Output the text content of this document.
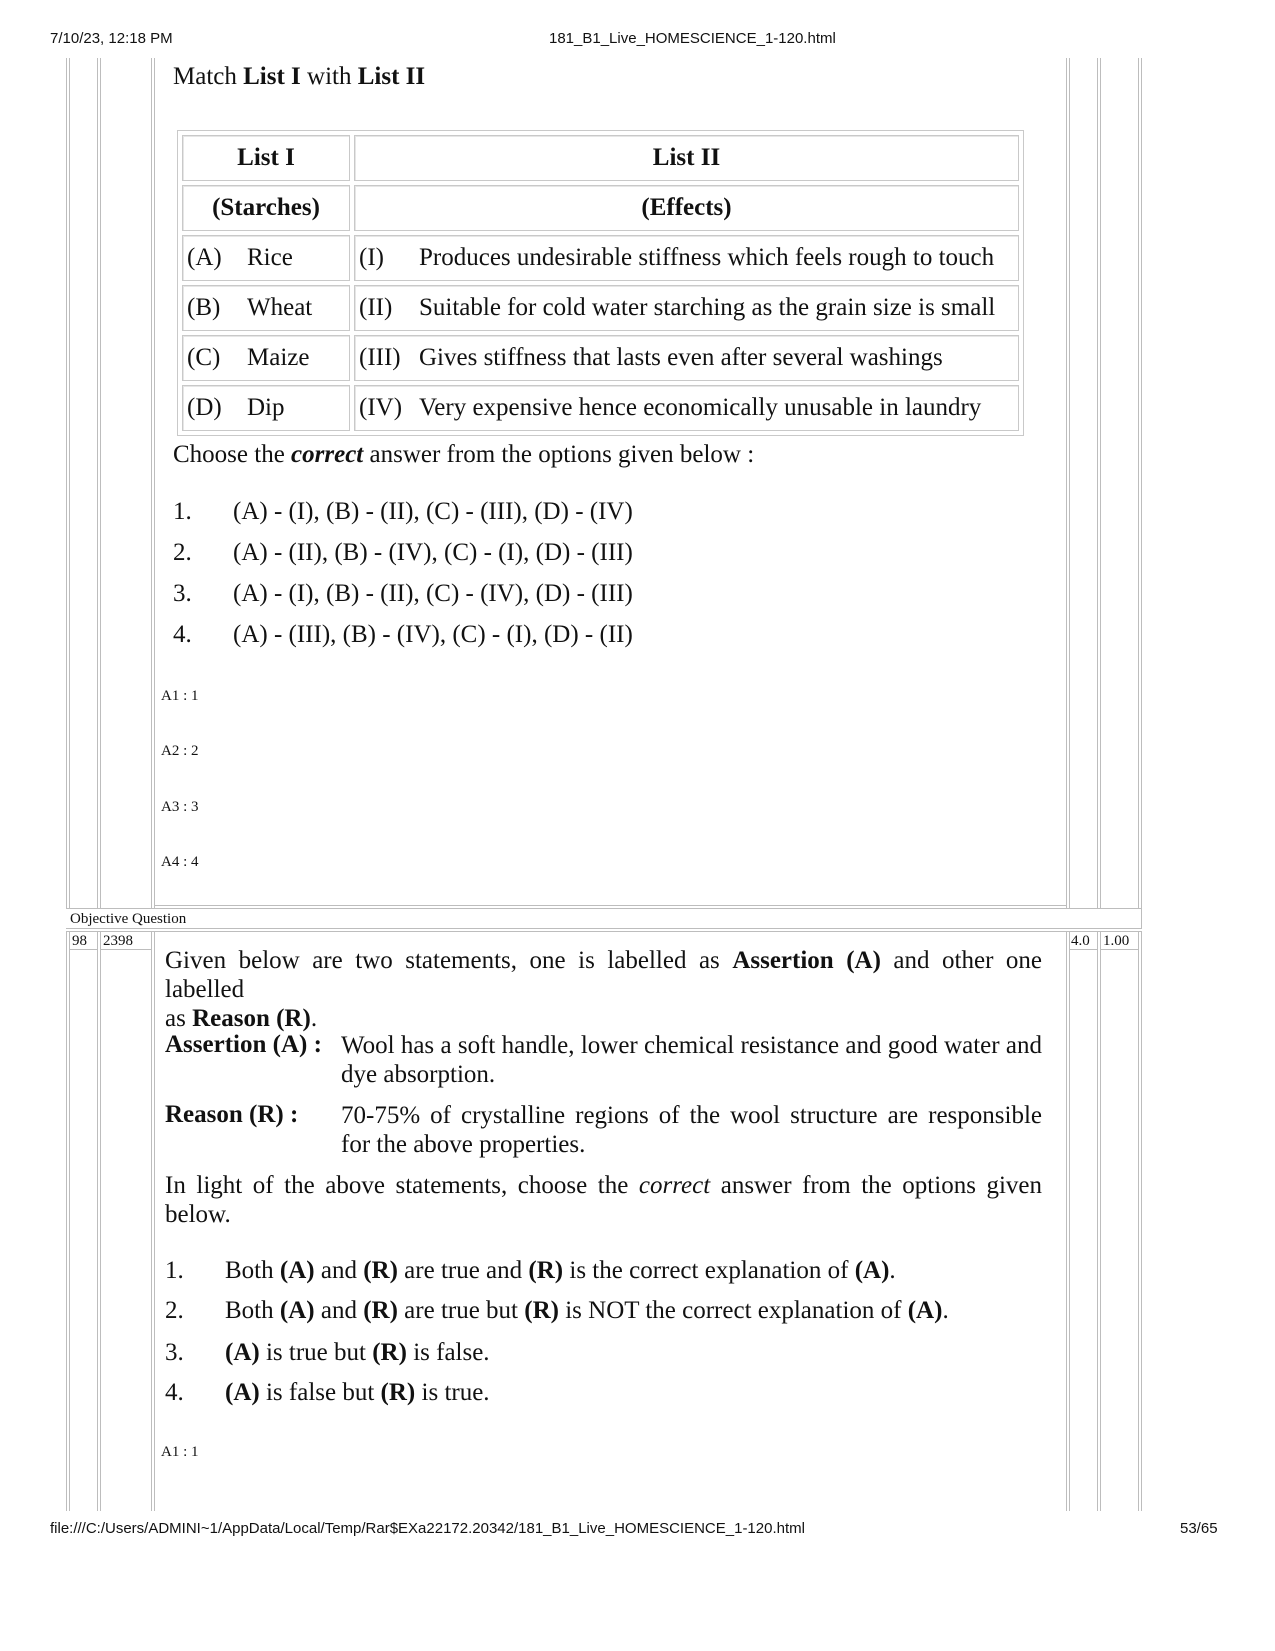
7/10/23, 12:18 PM	181_B1_Live_HOMESCIENCE_1-120.html
Match List I with List II
List I	List II
(Starches)	(Effects)
(A) Rice	(I) Produces undesirable stiffness which feels rough to touch
(B) Wheat	(II) Suitable for cold water starching as the grain size is small
(C) Maize	(III) Gives stiffness that lasts even after several washings
(D) Dip	(IV) Very expensive hence economically unusable in laundry
Choose the correct answer from the options given below :
1. (A) - (I), (B) - (II), (C) - (III), (D) - (IV)
2. (A) - (II), (B) - (IV), (C) - (I), (D) - (III)
3. (A) - (I), (B) - (II), (C) - (IV), (D) - (III)
4. (A) - (III), (B) - (IV), (C) - (I), (D) - (II)
A1 : 1
A2 : 2
A3 : 3
A4 : 4
Objective Question
98 2398	4.0 1.00
Given below are two statements, one is labelled as Assertion (A) and other one labelled
as Reason (R).
Assertion (A) : Wool has a soft handle, lower chemical resistance and good water and dye absorption.
Reason (R) : 70-75% of crystalline regions of the wool structure are responsible for the above properties.
In light of the above statements, choose the correct answer from the options given below.
1. Both (A) and (R) are true and (R) is the correct explanation of (A).
2. Both (A) and (R) are true but (R) is NOT the correct explanation of (A).
3. (A) is true but (R) is false.
4. (A) is false but (R) is true.
A1 : 1
file:///C:/Users/ADMINI~1/AppData/Local/Temp/Rar$EXa22172.20342/181_B1_Live_HOMESCIENCE_1-120.html	53/65
